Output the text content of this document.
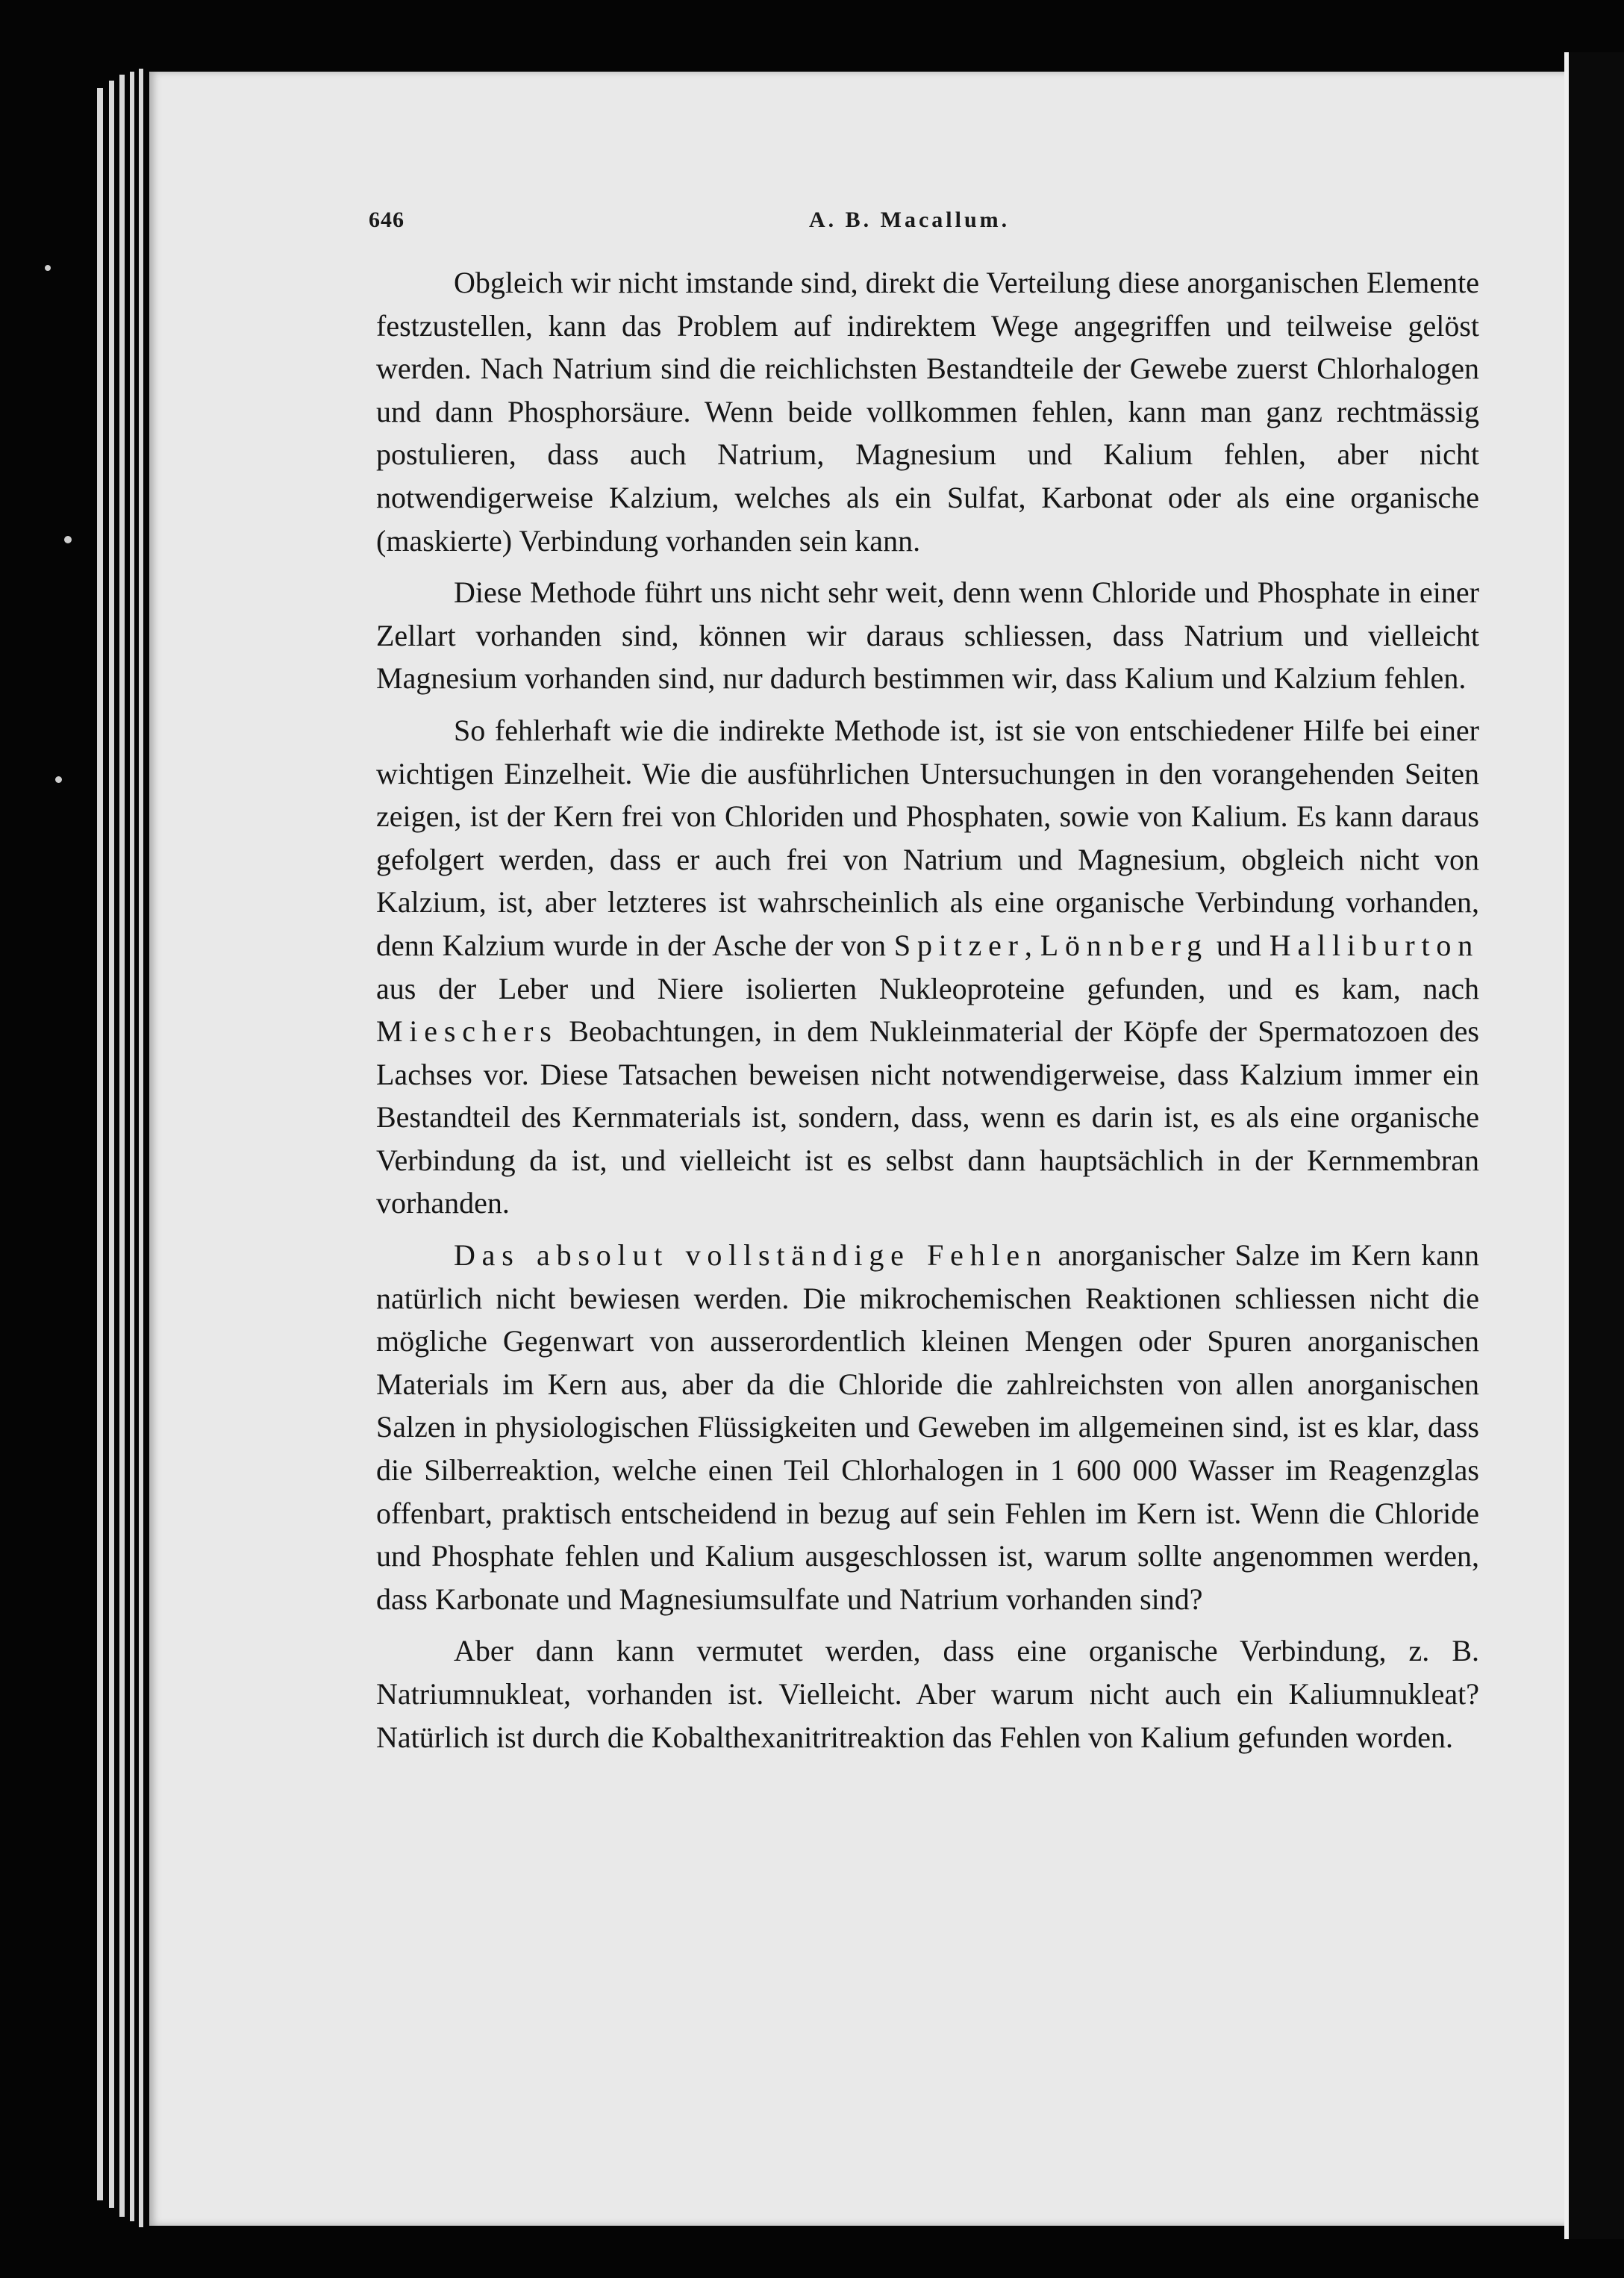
646	A. B. Macallum.

Obgleich wir nicht imstande sind, direkt die Verteilung diese anorganischen Elemente festzustellen, kann das Problem auf indirektem Wege angegriffen und teilweise gelöst werden. Nach Natrium sind die reichlichsten Bestandteile der Gewebe zuerst Chlorhalogen und dann Phosphorsäure. Wenn beide vollkommen fehlen, kann man ganz rechtmässig postulieren, dass auch Natrium, Magnesium und Kalium fehlen, aber nicht notwendigerweise Kalzium, welches als ein Sulfat, Karbonat oder als eine organische (maskierte) Verbindung vorhanden sein kann.

Diese Methode führt uns nicht sehr weit, denn wenn Chloride und Phosphate in einer Zellart vorhanden sind, können wir daraus schliessen, dass Natrium und vielleicht Magnesium vorhanden sind, nur dadurch bestimmen wir, dass Kalium und Kalzium fehlen.

So fehlerhaft wie die indirekte Methode ist, ist sie von entschiedener Hilfe bei einer wichtigen Einzelheit. Wie die ausführlichen Untersuchungen in den vorangehenden Seiten zeigen, ist der Kern frei von Chloriden und Phosphaten, sowie von Kalium. Es kann daraus gefolgert werden, dass er auch frei von Natrium und Magnesium, obgleich nicht von Kalzium, ist, aber letzteres ist wahrscheinlich als eine organische Verbindung vorhanden, denn Kalzium wurde in der Asche der von Spitzer, Lönnberg und Halliburton aus der Leber und Niere isolierten Nukleoproteine gefunden, und es kam, nach Mieschers Beobachtungen, in dem Nukleinmaterial der Köpfe der Spermatozoen des Lachses vor. Diese Tatsachen beweisen nicht notwendigerweise, dass Kalzium immer ein Bestandteil des Kernmaterials ist, sondern, dass, wenn es darin ist, es als eine organische Verbindung da ist, und vielleicht ist es selbst dann hauptsächlich in der Kernmembran vorhanden.

Das absolut vollständige Fehlen anorganischer Salze im Kern kann natürlich nicht bewiesen werden. Die mikrochemischen Reaktionen schliessen nicht die mögliche Gegenwart von ausserordentlich kleinen Mengen oder Spuren anorganischen Materials im Kern aus, aber da die Chloride die zahlreichsten von allen anorganischen Salzen in physiologischen Flüssigkeiten und Geweben im allgemeinen sind, ist es klar, dass die Silberreaktion, welche einen Teil Chlorhalogen in 1 600 000 Wasser im Reagenzglas offenbart, praktisch entscheidend in bezug auf sein Fehlen im Kern ist. Wenn die Chloride und Phosphate fehlen und Kalium ausgeschlossen ist, warum sollte angenommen werden, dass Karbonate und Magnesiumsulfate und Natrium vorhanden sind?

Aber dann kann vermutet werden, dass eine organische Verbindung, z. B. Natriumnukleat, vorhanden ist. Vielleicht. Aber warum nicht auch ein Kaliumnukleat? Natürlich ist durch die Kobalthexanitritreaktion das Fehlen von Kalium gefunden worden.
